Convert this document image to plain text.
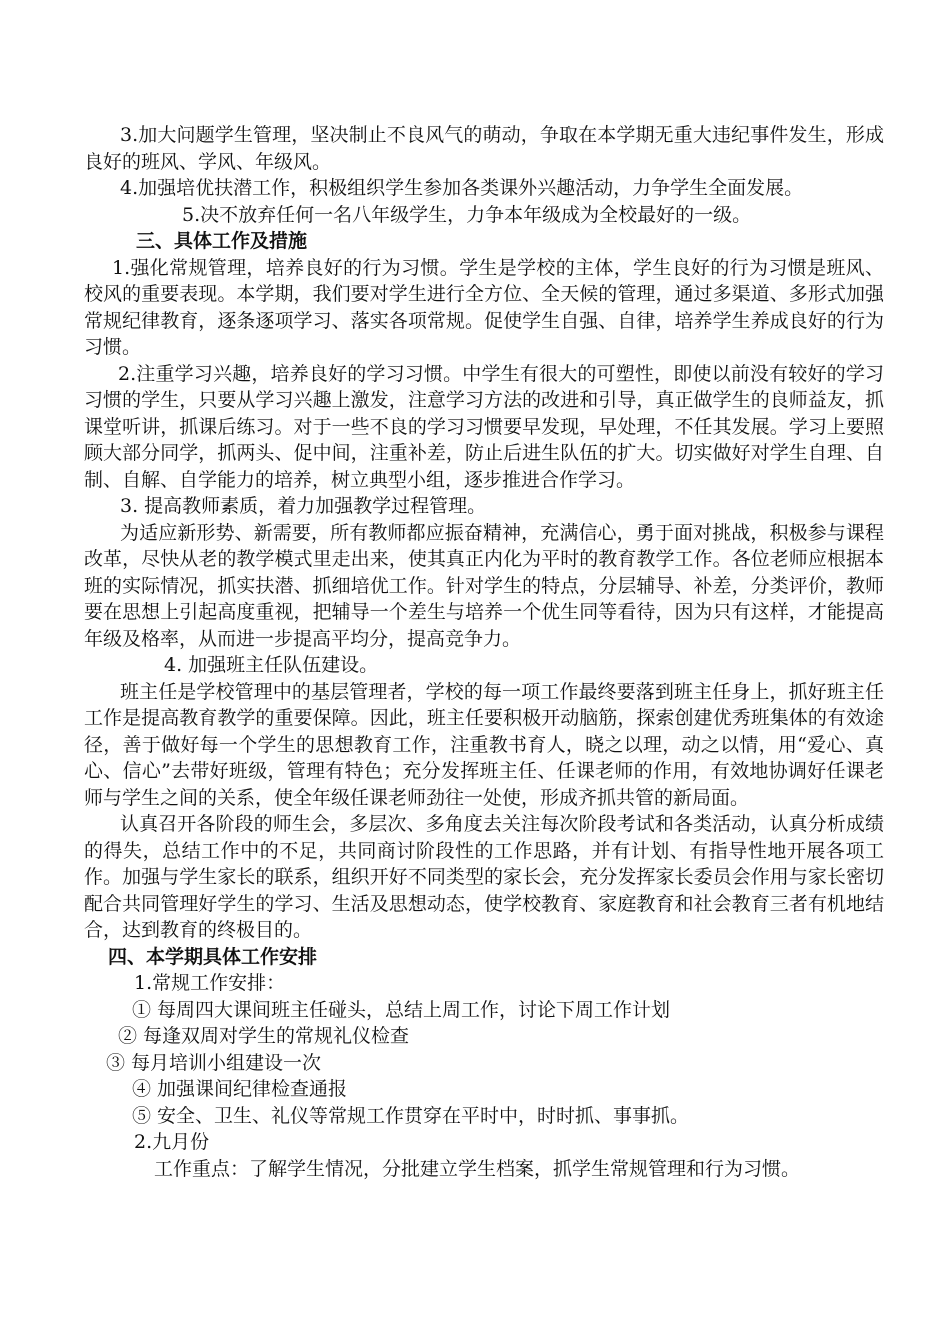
3.加大问题学生管理，坚决制止不良风气的萌动，争取在本学期无重大违纪事件发生，形成良好的班风、学风、年级风。

4.加强培优扶潜工作，积极组织学生参加各类课外兴趣活动，力争学生全面发展。

5.决不放弃任何一名八年级学生，力争本年级成为全校最好的一级。

三、具体工作及措施

1.强化常规管理，培养良好的行为习惯。学生是学校的主体，学生良好的行为习惯是班风、校风的重要表现。本学期，我们要对学生进行全方位、全天候的管理，通过多渠道、多形式加强常规纪律教育，逐条逐项学习、落实各项常规。促使学生自强、自律，培养学生养成良好的行为习惯。

2.注重学习兴趣，培养良好的学习习惯。中学生有很大的可塑性，即使以前没有较好的学习习惯的学生，只要从学习兴趣上激发，注意学习方法的改进和引导，真正做学生的良师益友，抓课堂听讲，抓课后练习。对于一些不良的学习习惯要早发现，早处理，不任其发展。学习上要照顾大部分同学，抓两头、促中间，注重补差，防止后进生队伍的扩大。切实做好对学生自理、自制、自解、自学能力的培养，树立典型小组，逐步推进合作学习。

3. 提高教师素质，着力加强教学过程管理。

为适应新形势、新需要，所有教师都应振奋精神，充满信心，勇于面对挑战，积极参与课程改革，尽快从老的教学模式里走出来，使其真正内化为平时的教育教学工作。各位老师应根据本班的实际情况，抓实扶潜、抓细培优工作。针对学生的特点，分层辅导、补差，分类评价，教师要在思想上引起高度重视，把辅导一个差生与培养一个优生同等看待，因为只有这样，才能提高年级及格率，从而进一步提高平均分，提高竞争力。

4. 加强班主任队伍建设。

班主任是学校管理中的基层管理者，学校的每一项工作最终要落到班主任身上，抓好班主任工作是提高教育教学的重要保障。因此，班主任要积极开动脑筋，探索创建优秀班集体的有效途径，善于做好每一个学生的思想教育工作，注重教书育人，晓之以理，动之以情，用“爱心、真心、信心”去带好班级，管理有特色；充分发挥班主任、任课老师的作用，有效地协调好任课老师与学生之间的关系，使全年级任课老师劲往一处使，形成齐抓共管的新局面。

认真召开各阶段的师生会，多层次、多角度去关注每次阶段考试和各类活动，认真分析成绩的得失，总结工作中的不足，共同商讨阶段性的工作思路，并有计划、有指导性地开展各项工作。加强与学生家长的联系，组织开好不同类型的家长会，充分发挥家长委员会作用与家长密切配合共同管理好学生的学习、生活及思想动态，使学校教育、家庭教育和社会教育三者有机地结合，达到教育的终极目的。

四、本学期具体工作安排

1.常规工作安排：

① 每周四大课间班主任碰头，总结上周工作，讨论下周工作计划

② 每逢双周对学生的常规礼仪检查

③ 每月培训小组建设一次

④ 加强课间纪律检查通报

⑤ 安全、卫生、礼仪等常规工作贯穿在平时中，时时抓、事事抓。

2.九月份

工作重点：了解学生情况，分批建立学生档案，抓学生常规管理和行为习惯。
